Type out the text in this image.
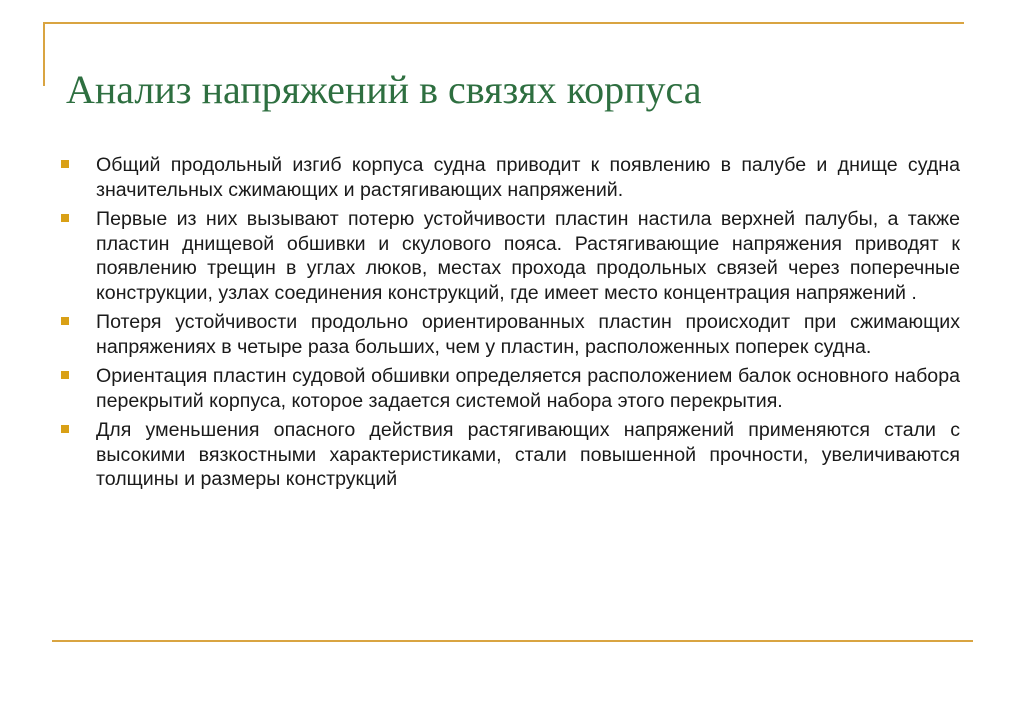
Анализ напряжений в связях корпуса
Общий продольный изгиб корпуса судна приводит к появлению в палубе и днище судна значительных сжимающих и растягивающих напряжений.
Первые из них вызывают потерю устойчивости пластин настила верхней палубы, а также пластин днищевой обшивки и скулового пояса. Растягивающие напряжения приводят к появлению трещин в углах люков, местах прохода продольных связей через поперечные конструкции, узлах соединения конструкций, где имеет место концентрация напряжений .
Потеря устойчивости продольно ориентированных пластин происходит при сжимающих напряжениях в четыре раза больших, чем у пластин, расположенных поперек судна.
Ориентация пластин судовой обшивки определяется расположением балок основного набора перекрытий корпуса, которое задается системой набора этого перекрытия.
Для уменьшения опасного действия растягивающих напряжений применяются стали с высокими вязкостными характеристиками, стали повышенной прочности, увеличиваются толщины и размеры конструкций
